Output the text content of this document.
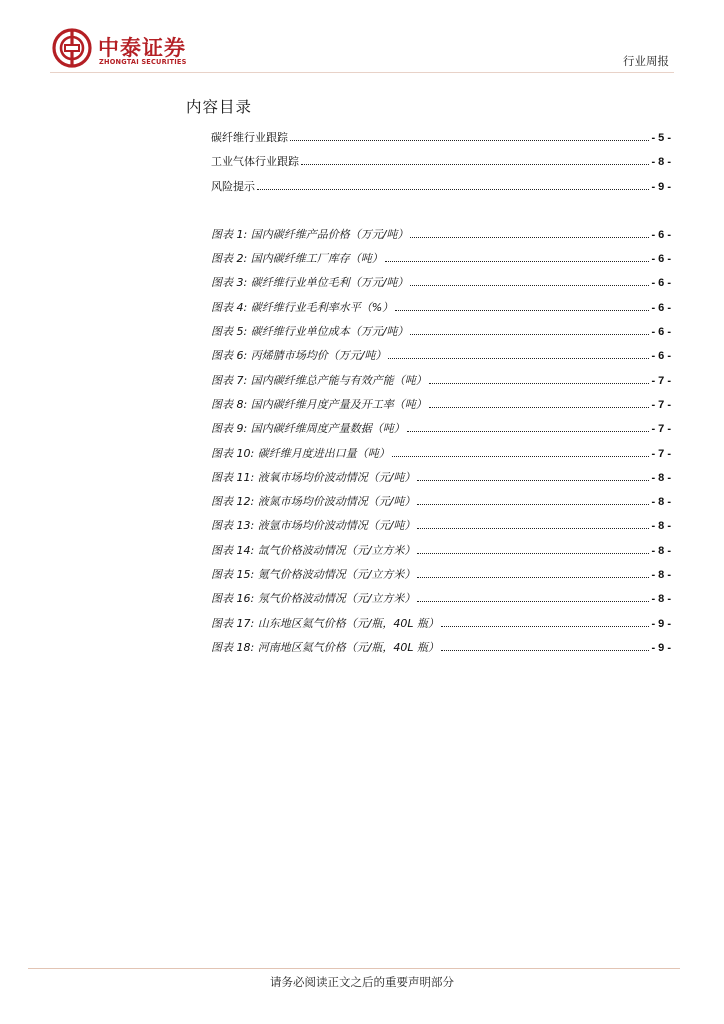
中泰证券
ZHONGTAI SECURITIES	行业周报
内容目录
碳纤维行业跟踪	- 5 -
工业气体行业跟踪	- 8 -
风险提示	- 9 -
图表 1: 国内碳纤维产品价格（万元/吨）	- 6 -
图表 2: 国内碳纤维工厂库存（吨）	- 6 -
图表 3: 碳纤维行业单位毛利（万元/吨）	- 6 -
图表 4: 碳纤维行业毛利率水平（%）	- 6 -
图表 5: 碳纤维行业单位成本（万元/吨）	- 6 -
图表 6: 丙烯腈市场均价（万元/吨）	- 6 -
图表 7: 国内碳纤维总产能与有效产能（吨）	- 7 -
图表 8: 国内碳纤维月度产量及开工率（吨）	- 7 -
图表 9: 国内碳纤维周度产量数据（吨）	- 7 -
图表 10: 碳纤维月度进出口量（吨）	- 7 -
图表 11: 液氧市场均价波动情况（元/吨）	- 8 -
图表 12: 液氮市场均价波动情况（元/吨）	- 8 -
图表 13: 液氩市场均价波动情况（元/吨）	- 8 -
图表 14: 氙气价格波动情况（元/立方米）	- 8 -
图表 15: 氪气价格波动情况（元/立方米）	- 8 -
图表 16: 氖气价格波动情况（元/立方米）	- 8 -
图表 17: 山东地区氦气价格（元/瓶，40L 瓶）	- 9 -
图表 18: 河南地区氦气价格（元/瓶，40L 瓶）	- 9 -
请务必阅读正文之后的重要声明部分
